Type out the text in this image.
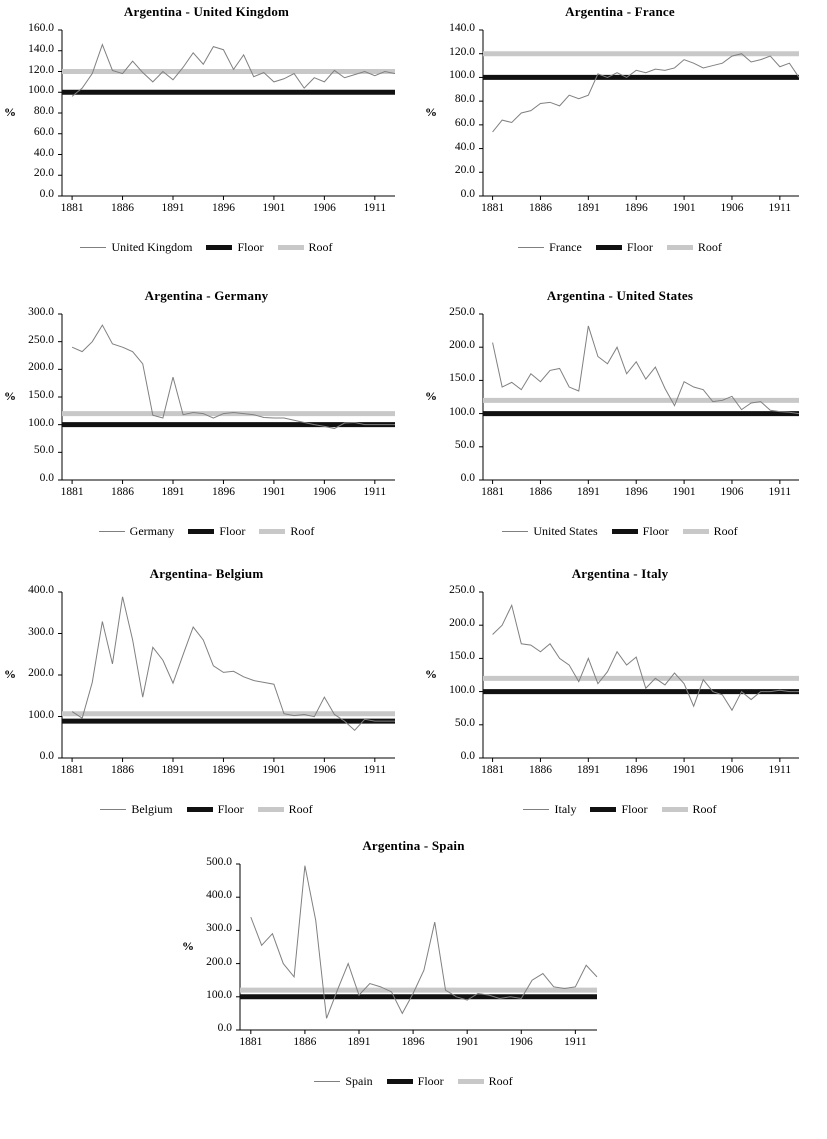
Argentina - United Kingdom
0.0
20.0
40.0
60.0
80.0
100.0
120.0
140.0
160.0
1881	1886	1891	1896	1901	1906	1911
%
United Kingdom	Floor	Roof
Argentina - France
0.0
20.0
40.0
60.0
80.0
100.0
120.0
140.0
1881	1886	1891	1896	1901	1906	1911
%
France	Floor	Roof
Argentina - Germany
0.0
50.0
100.0
150.0
200.0
250.0
300.0
1881	1886	1891	1896	1901	1906	1911
%
Germany	Floor	Roof
Argentina - United States
0.0
50.0
100.0
150.0
200.0
250.0
1881	1886	1891	1896	1901	1906	1911
%
United States	Floor	Roof
Argentina- Belgium
0.0
100.0
200.0
300.0
400.0
1881	1886	1891	1896	1901	1906	1911
%
Belgium	Floor	Roof
Argentina - Italy
0.0
50.0
100.0
150.0
200.0
250.0
1881	1886	1891	1896	1901	1906	1911
%
Italy	Floor	Roof
Argentina - Spain
0.0
100.0
200.0
300.0
400.0
500.0
1881	1886	1891	1896	1901	1906	1911
%
Spain	Floor	Roof
